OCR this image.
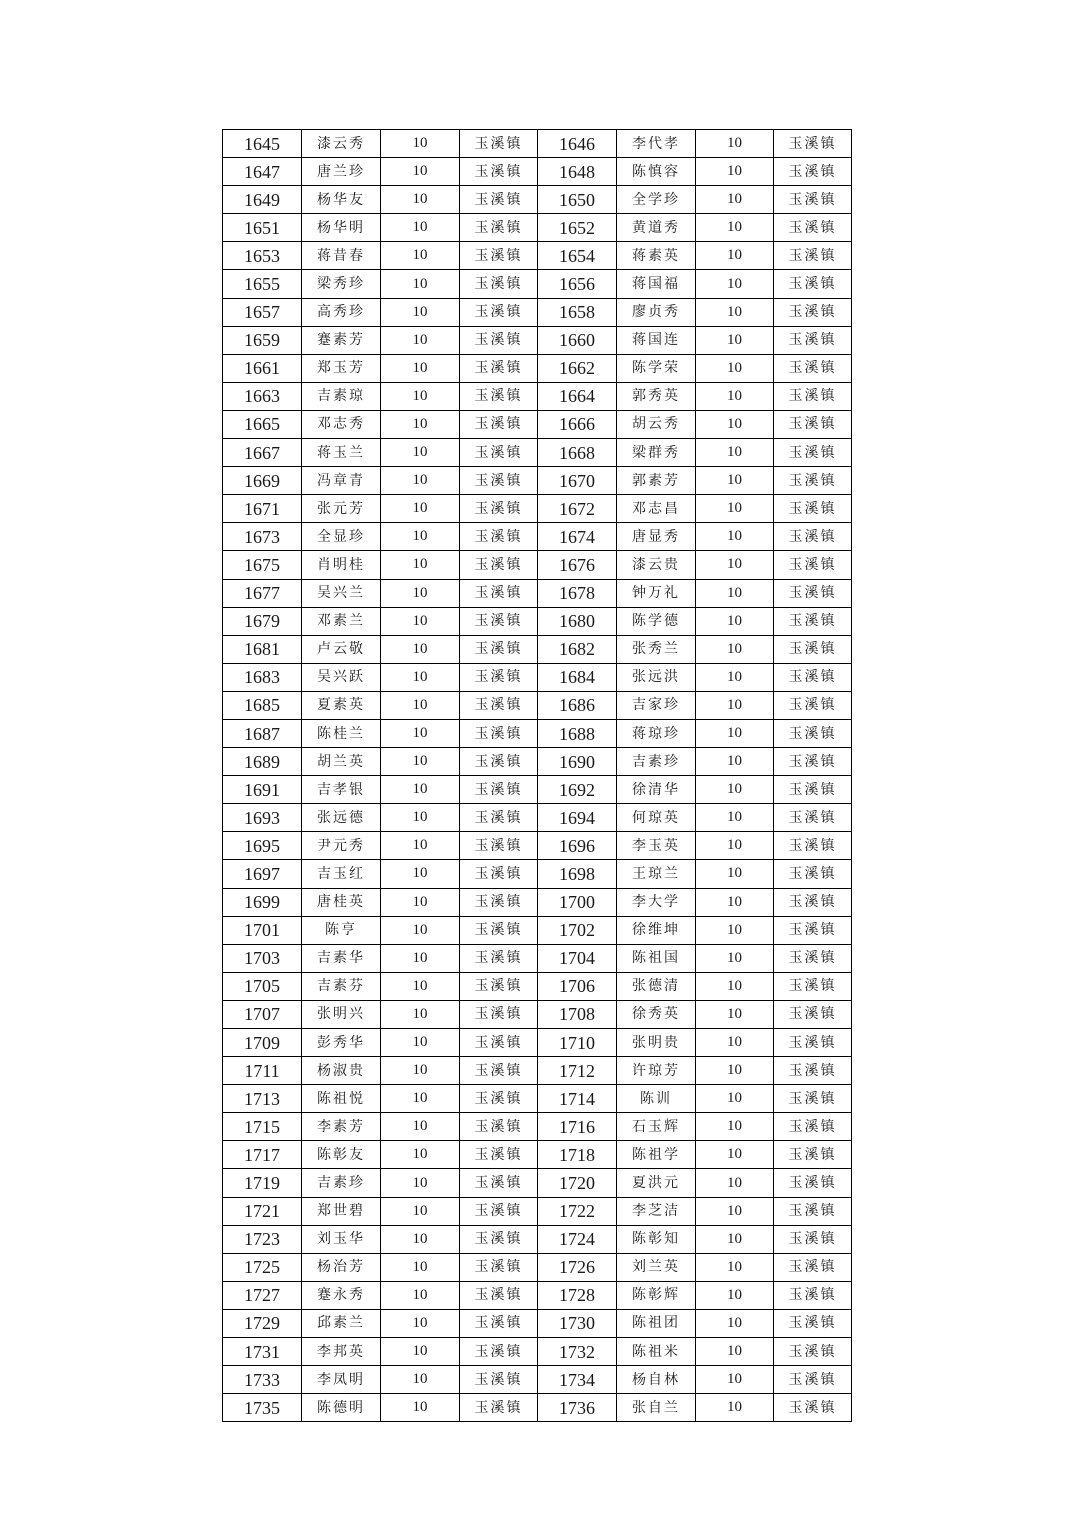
1645	漆云秀	10	玉溪镇	1646	李代孝	10	玉溪镇
1647	唐兰珍	10	玉溪镇	1648	陈慎容	10	玉溪镇
1649	杨华友	10	玉溪镇	1650	全学珍	10	玉溪镇
1651	杨华明	10	玉溪镇	1652	黄道秀	10	玉溪镇
1653	蒋昔春	10	玉溪镇	1654	蒋素英	10	玉溪镇
1655	梁秀珍	10	玉溪镇	1656	蒋国福	10	玉溪镇
1657	高秀珍	10	玉溪镇	1658	廖贞秀	10	玉溪镇
1659	蹇素芳	10	玉溪镇	1660	蒋国连	10	玉溪镇
1661	郑玉芳	10	玉溪镇	1662	陈学荣	10	玉溪镇
1663	吉素琼	10	玉溪镇	1664	郭秀英	10	玉溪镇
1665	邓志秀	10	玉溪镇	1666	胡云秀	10	玉溪镇
1667	蒋玉兰	10	玉溪镇	1668	梁群秀	10	玉溪镇
1669	冯章青	10	玉溪镇	1670	郭素芳	10	玉溪镇
1671	张元芳	10	玉溪镇	1672	邓志昌	10	玉溪镇
1673	全显珍	10	玉溪镇	1674	唐显秀	10	玉溪镇
1675	肖明桂	10	玉溪镇	1676	漆云贵	10	玉溪镇
1677	吴兴兰	10	玉溪镇	1678	钟万礼	10	玉溪镇
1679	邓素兰	10	玉溪镇	1680	陈学德	10	玉溪镇
1681	卢云敬	10	玉溪镇	1682	张秀兰	10	玉溪镇
1683	吴兴跃	10	玉溪镇	1684	张远洪	10	玉溪镇
1685	夏素英	10	玉溪镇	1686	吉家珍	10	玉溪镇
1687	陈桂兰	10	玉溪镇	1688	蒋琼珍	10	玉溪镇
1689	胡兰英	10	玉溪镇	1690	吉素珍	10	玉溪镇
1691	吉孝银	10	玉溪镇	1692	徐清华	10	玉溪镇
1693	张远德	10	玉溪镇	1694	何琼英	10	玉溪镇
1695	尹元秀	10	玉溪镇	1696	李玉英	10	玉溪镇
1697	吉玉红	10	玉溪镇	1698	王琼兰	10	玉溪镇
1699	唐桂英	10	玉溪镇	1700	李大学	10	玉溪镇
1701	陈亨	10	玉溪镇	1702	徐维坤	10	玉溪镇
1703	吉素华	10	玉溪镇	1704	陈祖国	10	玉溪镇
1705	吉素芬	10	玉溪镇	1706	张德清	10	玉溪镇
1707	张明兴	10	玉溪镇	1708	徐秀英	10	玉溪镇
1709	彭秀华	10	玉溪镇	1710	张明贵	10	玉溪镇
1711	杨淑贵	10	玉溪镇	1712	许琼芳	10	玉溪镇
1713	陈祖悦	10	玉溪镇	1714	陈训	10	玉溪镇
1715	李素芳	10	玉溪镇	1716	石玉辉	10	玉溪镇
1717	陈彰友	10	玉溪镇	1718	陈祖学	10	玉溪镇
1719	吉素珍	10	玉溪镇	1720	夏洪元	10	玉溪镇
1721	郑世碧	10	玉溪镇	1722	李芝洁	10	玉溪镇
1723	刘玉华	10	玉溪镇	1724	陈彰知	10	玉溪镇
1725	杨治芳	10	玉溪镇	1726	刘兰英	10	玉溪镇
1727	蹇永秀	10	玉溪镇	1728	陈彰辉	10	玉溪镇
1729	邱素兰	10	玉溪镇	1730	陈祖团	10	玉溪镇
1731	李邦英	10	玉溪镇	1732	陈祖米	10	玉溪镇
1733	李凤明	10	玉溪镇	1734	杨自林	10	玉溪镇
1735	陈德明	10	玉溪镇	1736	张自兰	10	玉溪镇
